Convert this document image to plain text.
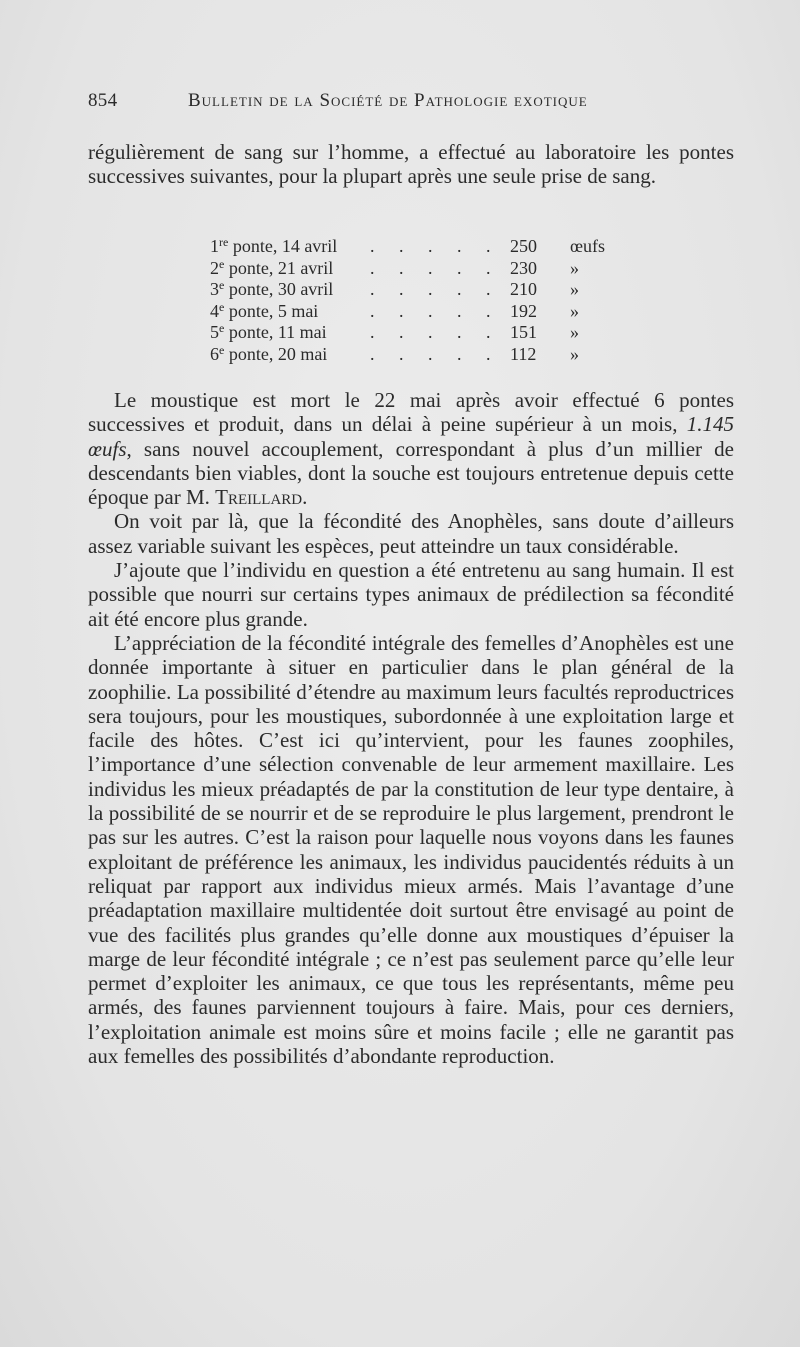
854	Bulletin de la Société de Pathologie exotique

régulièrement de sang sur l’homme, a effectué au laboratoire les pontes successives suivantes, pour la plupart après une seule prise de sang.

1re ponte, 14 avril	. . . . . 250	œufs
2e ponte, 21 avril	. . . . . 230	»
3e ponte, 30 avril	. . . . . 210	»
4e ponte, 5 mai	. . . . . 192	»
5e ponte, 11 mai	. . . . . 151	»
6e ponte, 20 mai	. . . . . 112	»

Le moustique est mort le 22 mai après avoir effectué 6 pontes successives et produit, dans un délai à peine supérieur à un mois, 1.145 œufs, sans nouvel accouplement, correspondant à plus d’un millier de descendants bien viables, dont la souche est toujours entretenue depuis cette époque par M. Treillard.

On voit par là, que la fécondité des Anophèles, sans doute d’ailleurs assez variable suivant les espèces, peut atteindre un taux considérable.

J’ajoute que l’individu en question a été entretenu au sang humain. Il est possible que nourri sur certains types animaux de prédilection sa fécondité ait été encore plus grande.

L’appréciation de la fécondité intégrale des femelles d’Anophèles est une donnée importante à situer en particulier dans le plan général de la zoophilie. La possibilité d’étendre au maximum leurs facultés reproductrices sera toujours, pour les moustiques, subordonnée à une exploitation large et facile des hôtes. C’est ici qu’intervient, pour les faunes zoophiles, l’importance d’une sélection convenable de leur armement maxillaire. Les individus les mieux préadaptés de par la constitution de leur type dentaire, à la possibilité de se nourrir et de se reproduire le plus largement, prendront le pas sur les autres. C’est la raison pour laquelle nous voyons dans les faunes exploitant de préférence les animaux, les individus paucidentés réduits à un reliquat par rapport aux individus mieux armés. Mais l’avantage d’une préadaptation maxillaire multidentée doit surtout être envisagé au point de vue des facilités plus grandes qu’elle donne aux moustiques d’épuiser la marge de leur fécondité intégrale ; ce n’est pas seulement parce qu’elle leur permet d’exploiter les animaux, ce que tous les représentants, même peu armés, des faunes parviennent toujours à faire. Mais, pour ces derniers, l’exploitation animale est moins sûre et moins facile ; elle ne garantit pas aux femelles des possibilités d’abondante reproduction.
